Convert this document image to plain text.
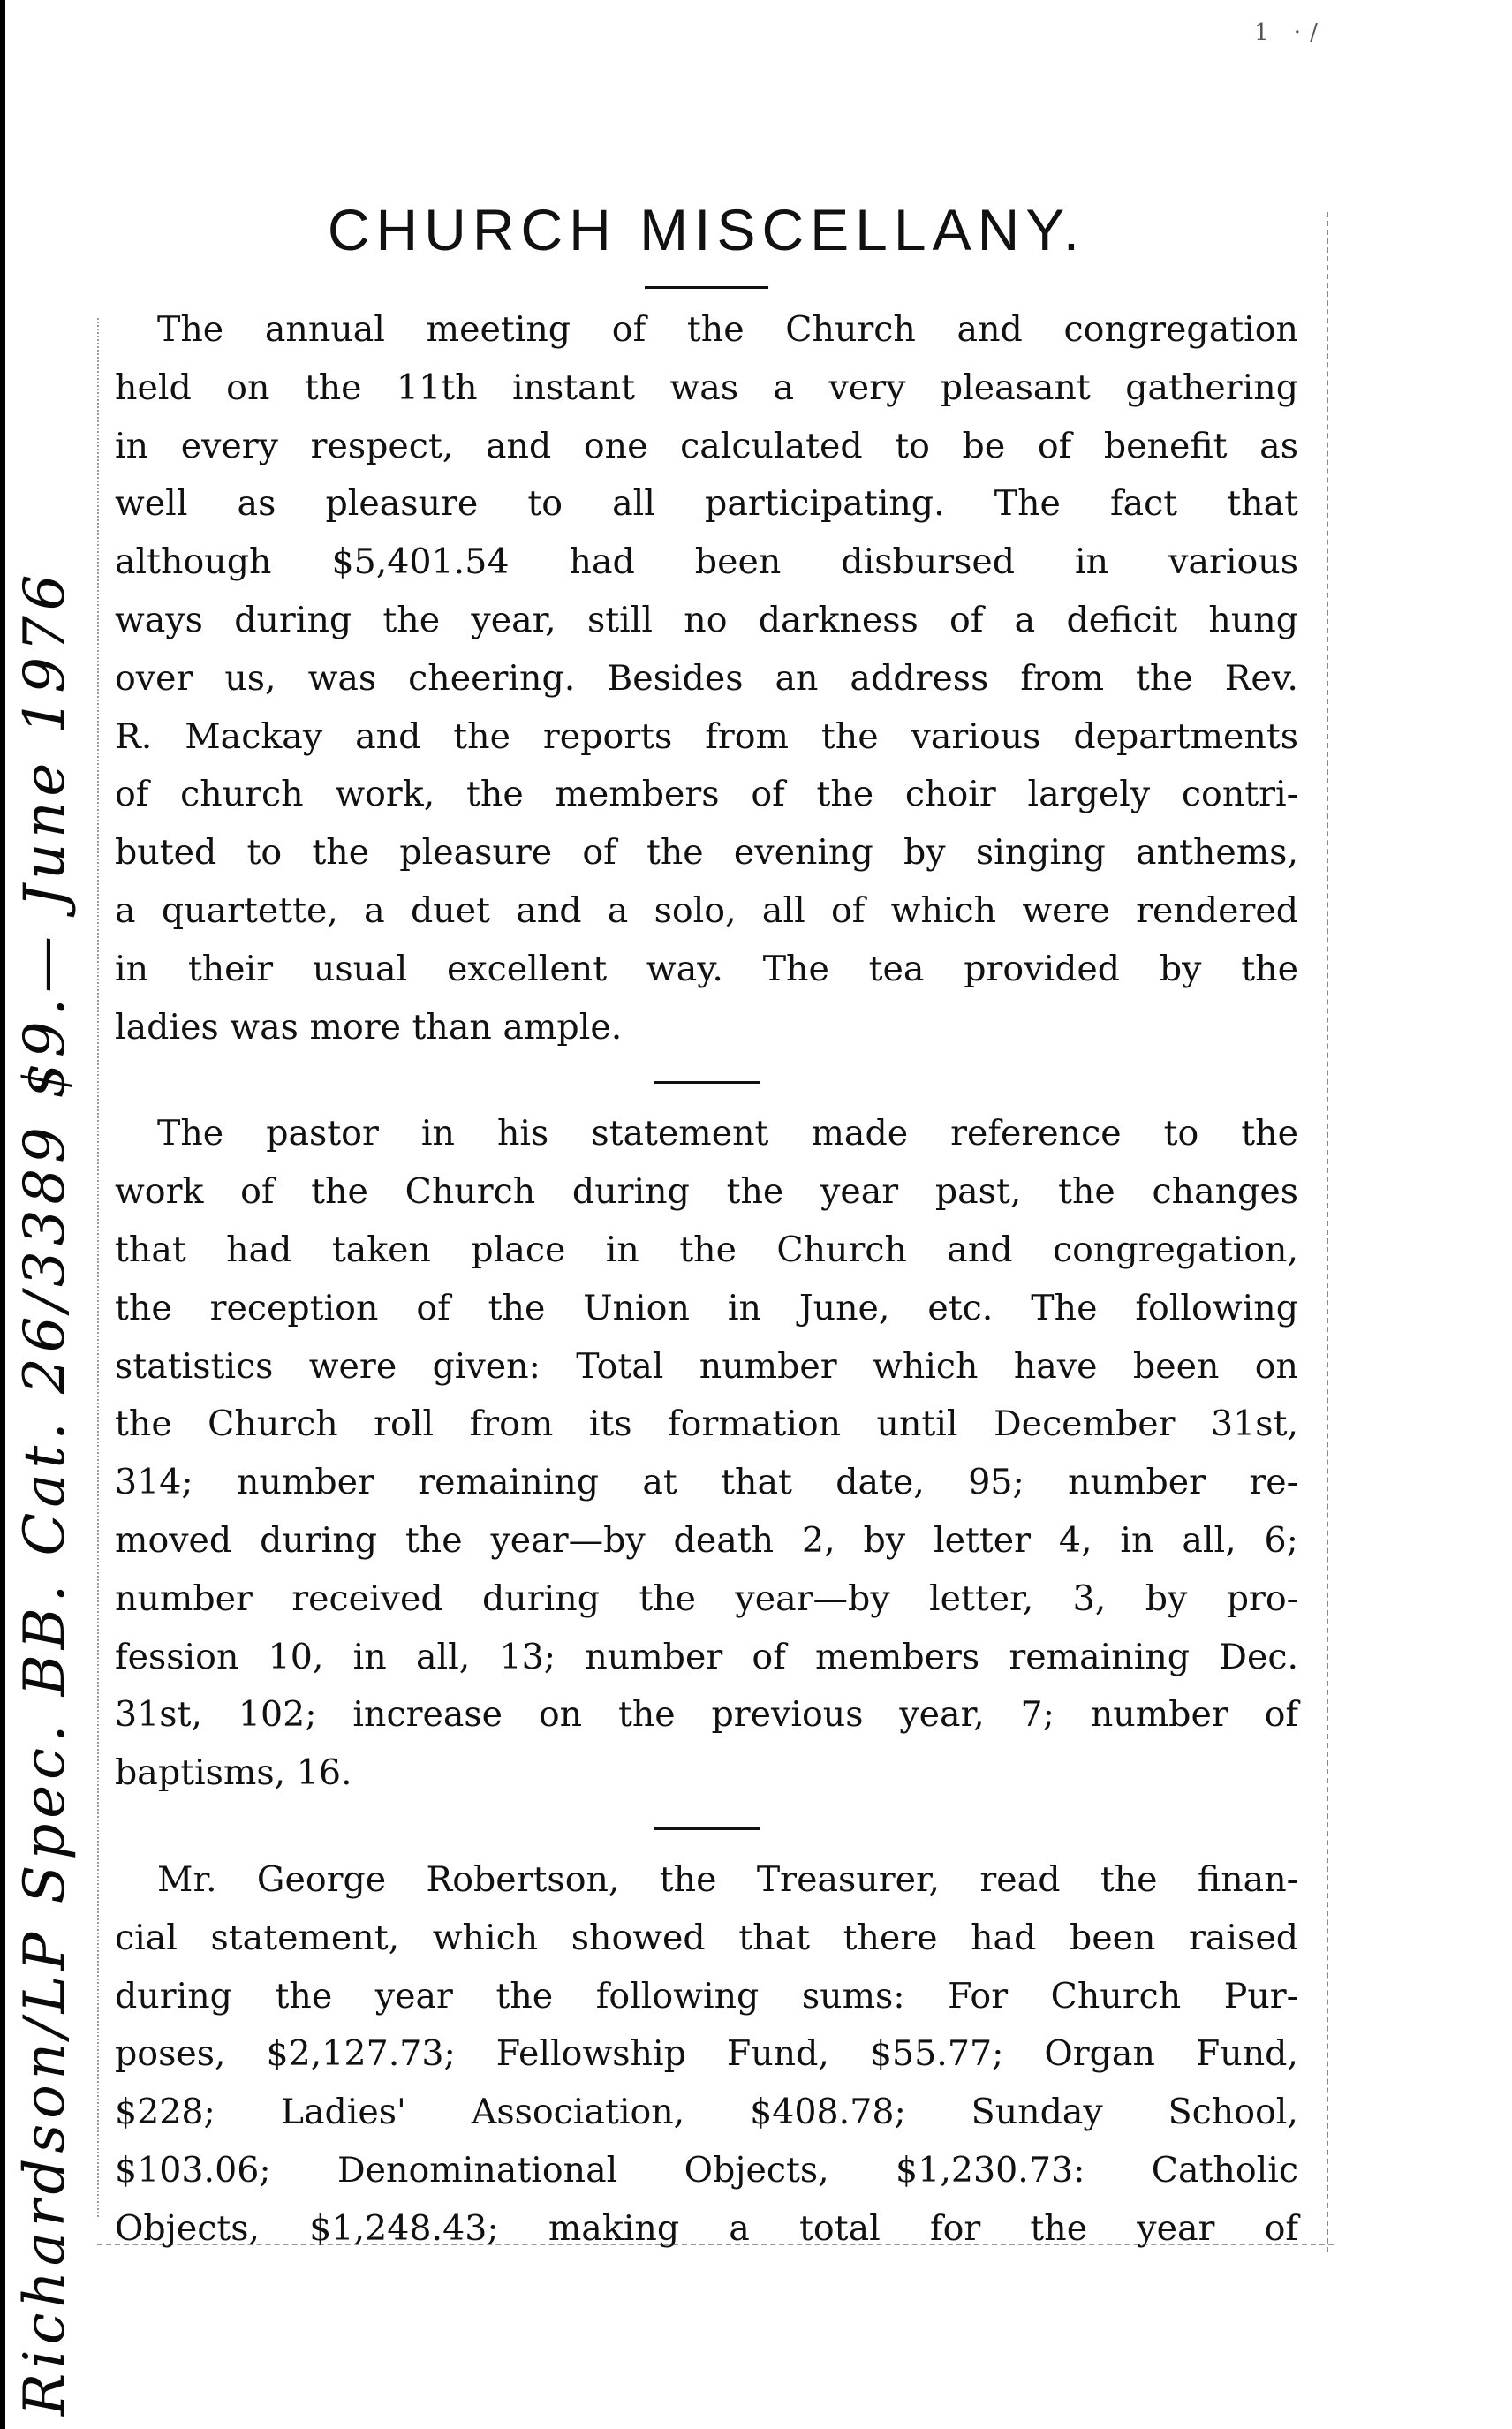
Richardson/LP Spec. BB. Cat. 26/3389 $9.— June 1976
1 ·/
CHURCH MISCELLANY.

The annual meeting of the Church and congregation
held on the 11th instant was a very pleasant gathering
in every respect, and one calculated to be of benefit as
well as pleasure to all participating. The fact that
although $5,401.54 had been disbursed in various
ways during the year, still no darkness of a deficit hung
over us, was cheering. Besides an address from the Rev.
R. Mackay and the reports from the various departments
of church work, the members of the choir largely contri-
buted to the pleasure of the evening by singing anthems,
a quartette, a duet and a solo, all of which were rendered
in their usual excellent way. The tea provided by the
ladies was more than ample.

The pastor in his statement made reference to the
work of the Church during the year past, the changes
that had taken place in the Church and congregation,
the reception of the Union in June, etc. The following
statistics were given: Total number which have been on
the Church roll from its formation until December 31st,
314; number remaining at that date, 95; number re-
moved during the year—by death 2, by letter 4, in all, 6;
number received during the year—by letter, 3, by pro-
fession 10, in all, 13; number of members remaining Dec.
31st, 102; increase on the previous year, 7; number of
baptisms, 16.

Mr. George Robertson, the Treasurer, read the finan-
cial statement, which showed that there had been raised
during the year the following sums: For Church Pur-
poses, $2,127.73; Fellowship Fund, $55.77; Organ Fund,
$228; Ladies' Association, $408.78; Sunday School,
$103.06; Denominational Objects, $1,230.73: Catholic
Objects, $1,248.43; making a total for the year of
